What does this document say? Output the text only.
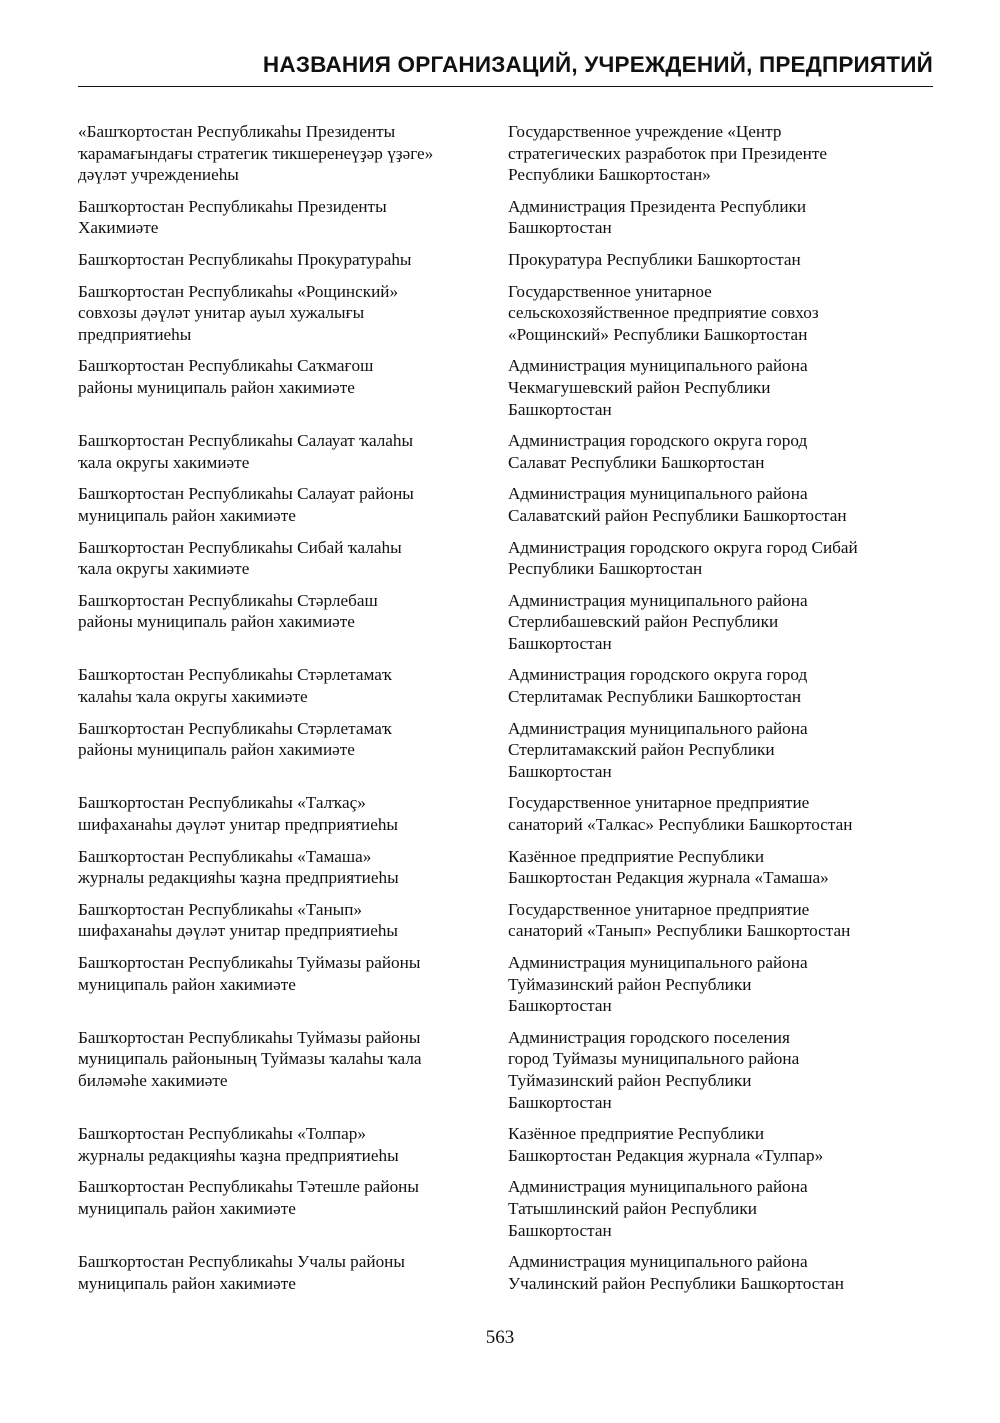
НАЗВАНИЯ ОРГАНИЗАЦИЙ, УЧРЕЖДЕНИЙ, ПРЕДПРИЯТИЙ
«Башҡортостан Республикаһы Президенты
ҡарамағындағы стратегик тикшеренеүҙәр үҙәге»
дәүләт учреждениеһы
Государственное учреждение «Центр
стратегических разработок при Президенте
Республики Башкортостан»
Башҡортостан Республикаһы Президенты
Хакимиәте
Администрация Президента Республики
Башкортостан
Башҡортостан Республикаһы Прокуратураһы	Прокуратура Республики Башкортостан
Башҡортостан Республикаһы «Рощинский»
совхозы дәүләт унитар ауыл хужалығы
предприятиеһы
Государственное унитарное
сельскохозяйственное предприятие совхоз
«Рощинский» Республики Башкортостан
Башҡортостан Республикаһы Саҡмағош
районы муниципаль район хакимиәте
Администрация муниципального района
Чекмагушевский район Республики
Башкортостан
Башҡортостан Республикаһы Салауат ҡалаһы
ҡала округы хакимиәте
Администрация городского округа город
Салават Республики Башкортостан
Башҡортостан Республикаһы Салауат районы
муниципаль район хакимиәте
Администрация муниципального района
Салаватский район Республики Башкортостан
Башҡортостан Республикаһы Сибай ҡалаһы
ҡала округы хакимиәте
Администрация городского округа город Сибай
Республики Башкортостан
Башҡортостан Республикаһы Стәрлебаш
районы муниципаль район хакимиәте
Администрация муниципального района
Стерлибашевский район Республики
Башкортостан
Башҡортостан Республикаһы Стәрлетамаҡ
ҡалаһы ҡала округы хакимиәте
Администрация городского округа город
Стерлитамак Республики Башкортостан
Башҡортостан Республикаһы Стәрлетамаҡ
районы муниципаль район хакимиәте
Администрация муниципального района
Стерлитамакский район Республики
Башкортостан
Башҡортостан Республикаһы «Талҡаç»
шифаханаһы дәүләт унитар предприятиеһы
Государственное унитарное предприятие
санаторий «Талкас» Республики Башкортостан
Башҡортостан Республикаһы «Тамаша»
журналы редакцияһы ҡаҙна предприятиеһы
Казённое предприятие Республики
Башкортостан Редакция журнала «Тамаша»
Башҡортостан Республикаһы «Танып»
шифаханаһы дәүләт унитар предприятиеһы
Государственное унитарное предприятие
санаторий «Танып» Республики Башкортостан
Башҡортостан Республикаһы Туймазы районы
муниципаль район хакимиәте
Администрация муниципального района
Туймазинский район Республики
Башкортостан
Башҡортостан Республикаһы Туймазы районы
муниципаль районының Туймазы ҡалаһы ҡала
биләмәһе хакимиәте
Администрация городского поселения
город Туймазы муниципального района
Туймазинский район Республики
Башкортостан
Башҡортостан Республикаһы «Толпар»
журналы редакцияһы ҡаҙна предприятиеһы
Казённое предприятие Республики
Башкортостан Редакция журнала «Тулпар»
Башҡортостан Республикаһы Тәтешле районы
муниципаль район хакимиәте
Администрация муниципального района
Татышлинский район Республики
Башкортостан
Башҡортостан Республикаһы Учалы районы
муниципаль район хакимиәте
Администрация муниципального района
Учалинский район Республики Башкортостан
563
